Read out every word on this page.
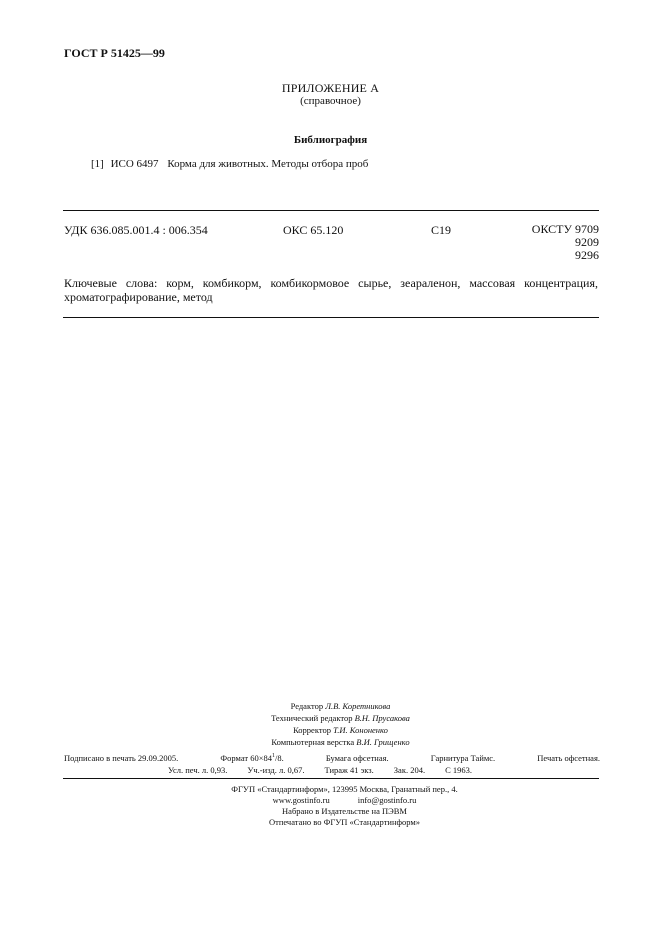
ГОСТ Р 51425—99
ПРИЛОЖЕНИЕ А
(справочное)
Библиография
[1] ИСО 6497 Корма для животных. Методы отбора проб
УДК 636.085.001.4 : 006.354	ОКС 65.120	С19	ОКСТУ 9709
9209
9296
Ключевые слова: корм, комбикорм, комбикормовое сырье, зеараленон, массовая концентрация, хроматографирование, метод
Редактор Л.В. Коретникова
Технический редактор В.Н. Прусакова
Корректор Т.И. Кононенко
Компьютерная верстка В.И. Грищенко
Подписано в печать 29.09.2005.	Формат $60\times 84^1/8$.	Бумага офсетная.	Гарнитура Таймс.	Печать офсетная.
Усл. печ. л. 0,93. Уч.-изд. л. 0,67. Тираж 41 экз. Зак. 204. С 1963.
ФГУП «Стандартинформ», 123995 Москва, Гранатный пер., 4.
www.gostinfo.ru	info@gostinfo.ru
Набрано в Издательстве на ПЭВМ
Отпечатано во ФГУП «Стандартинформ»
